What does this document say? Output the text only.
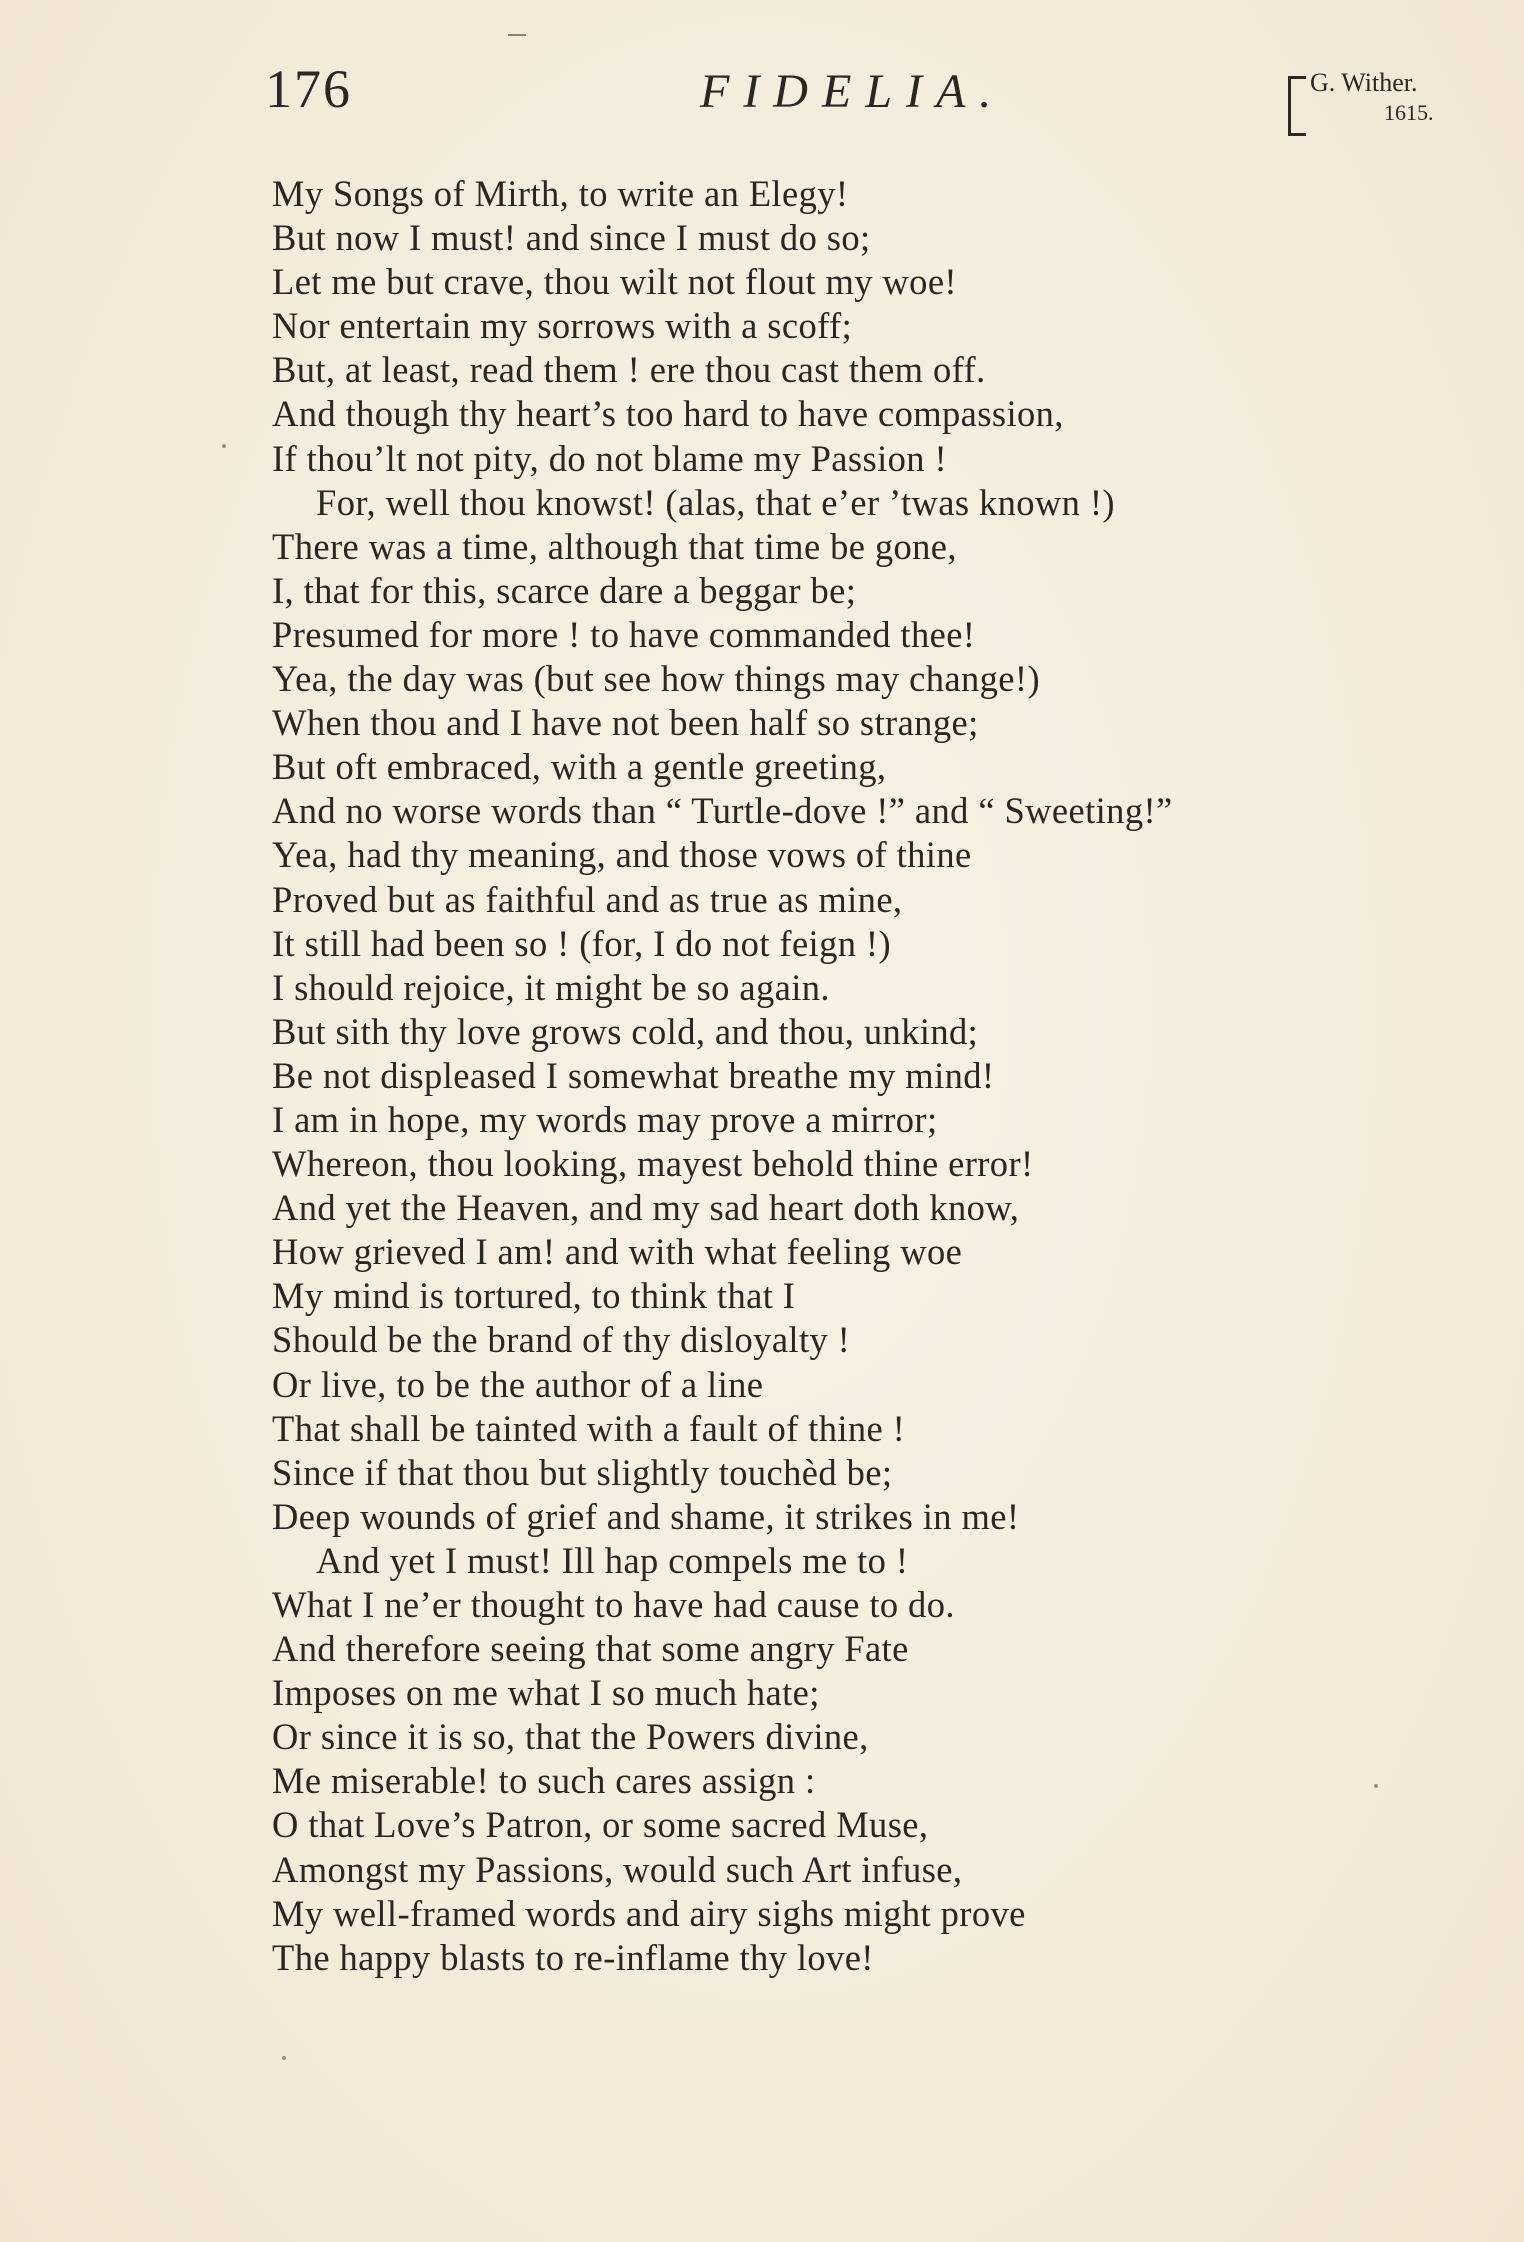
176	FIDELIA.	G. Wither.
1615.
My Songs of Mirth, to write an Elegy!
But now I must! and since I must do so;
Let me but crave, thou wilt not flout my woe!
Nor entertain my sorrows with a scoff;
But, at least, read them ! ere thou cast them off.
And though thy heart’s too hard to have compassion,
If thou’lt not pity, do not blame my Passion !
For, well thou knowst! (alas, that e’er ’twas known !)
There was a time, although that time be gone,
I, that for this, scarce dare a beggar be;
Presumed for more ! to have commanded thee!
Yea, the day was (but see how things may change!)
When thou and I have not been half so strange;
But oft embraced, with a gentle greeting,
And no worse words than “ Turtle-dove !” and “ Sweeting!”
Yea, had thy meaning, and those vows of thine
Proved but as faithful and as true as mine,
It still had been so ! (for, I do not feign !)
I should rejoice, it might be so again.
But sith thy love grows cold, and thou, unkind;
Be not displeased I somewhat breathe my mind!
I am in hope, my words may prove a mirror;
Whereon, thou looking, mayest behold thine error!
And yet the Heaven, and my sad heart doth know,
How grieved I am! and with what feeling woe
My mind is tortured, to think that I
Should be the brand of thy disloyalty !
Or live, to be the author of a line
That shall be tainted with a fault of thine !
Since if that thou but slightly touchèd be;
Deep wounds of grief and shame, it strikes in me!
And yet I must! Ill hap compels me to !
What I ne’er thought to have had cause to do.
And therefore seeing that some angry Fate
Imposes on me what I so much hate;
Or since it is so, that the Powers divine,
Me miserable! to such cares assign :
O that Love’s Patron, or some sacred Muse,
Amongst my Passions, would such Art infuse,
My well-framed words and airy sighs might prove
The happy blasts to re-inflame thy love!
